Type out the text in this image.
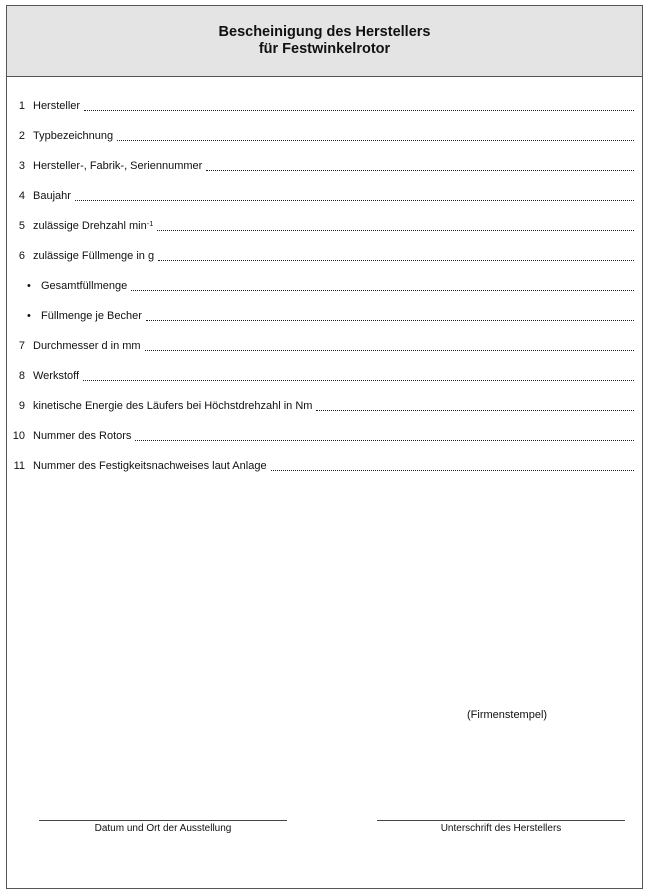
Bescheinigung des Herstellers
für Festwinkelrotor
1 Hersteller
2 Typbezeichnung
3 Hersteller-, Fabrik-, Seriennummer
4 Baujahr
5 zulässige Drehzahl $\min^{-1}$
6 zulässige Füllmenge in g
• Gesamtfüllmenge
• Füllmenge je Becher
7 Durchmesser d in mm
8 Werkstoff
9 kinetische Energie des Läufers bei Höchstdrehzahl in Nm
10 Nummer des Rotors
11 Nummer des Festigkeitsnachweises laut Anlage
(Firmenstempel)
Datum und Ort der Ausstellung	Unterschrift des Herstellers
